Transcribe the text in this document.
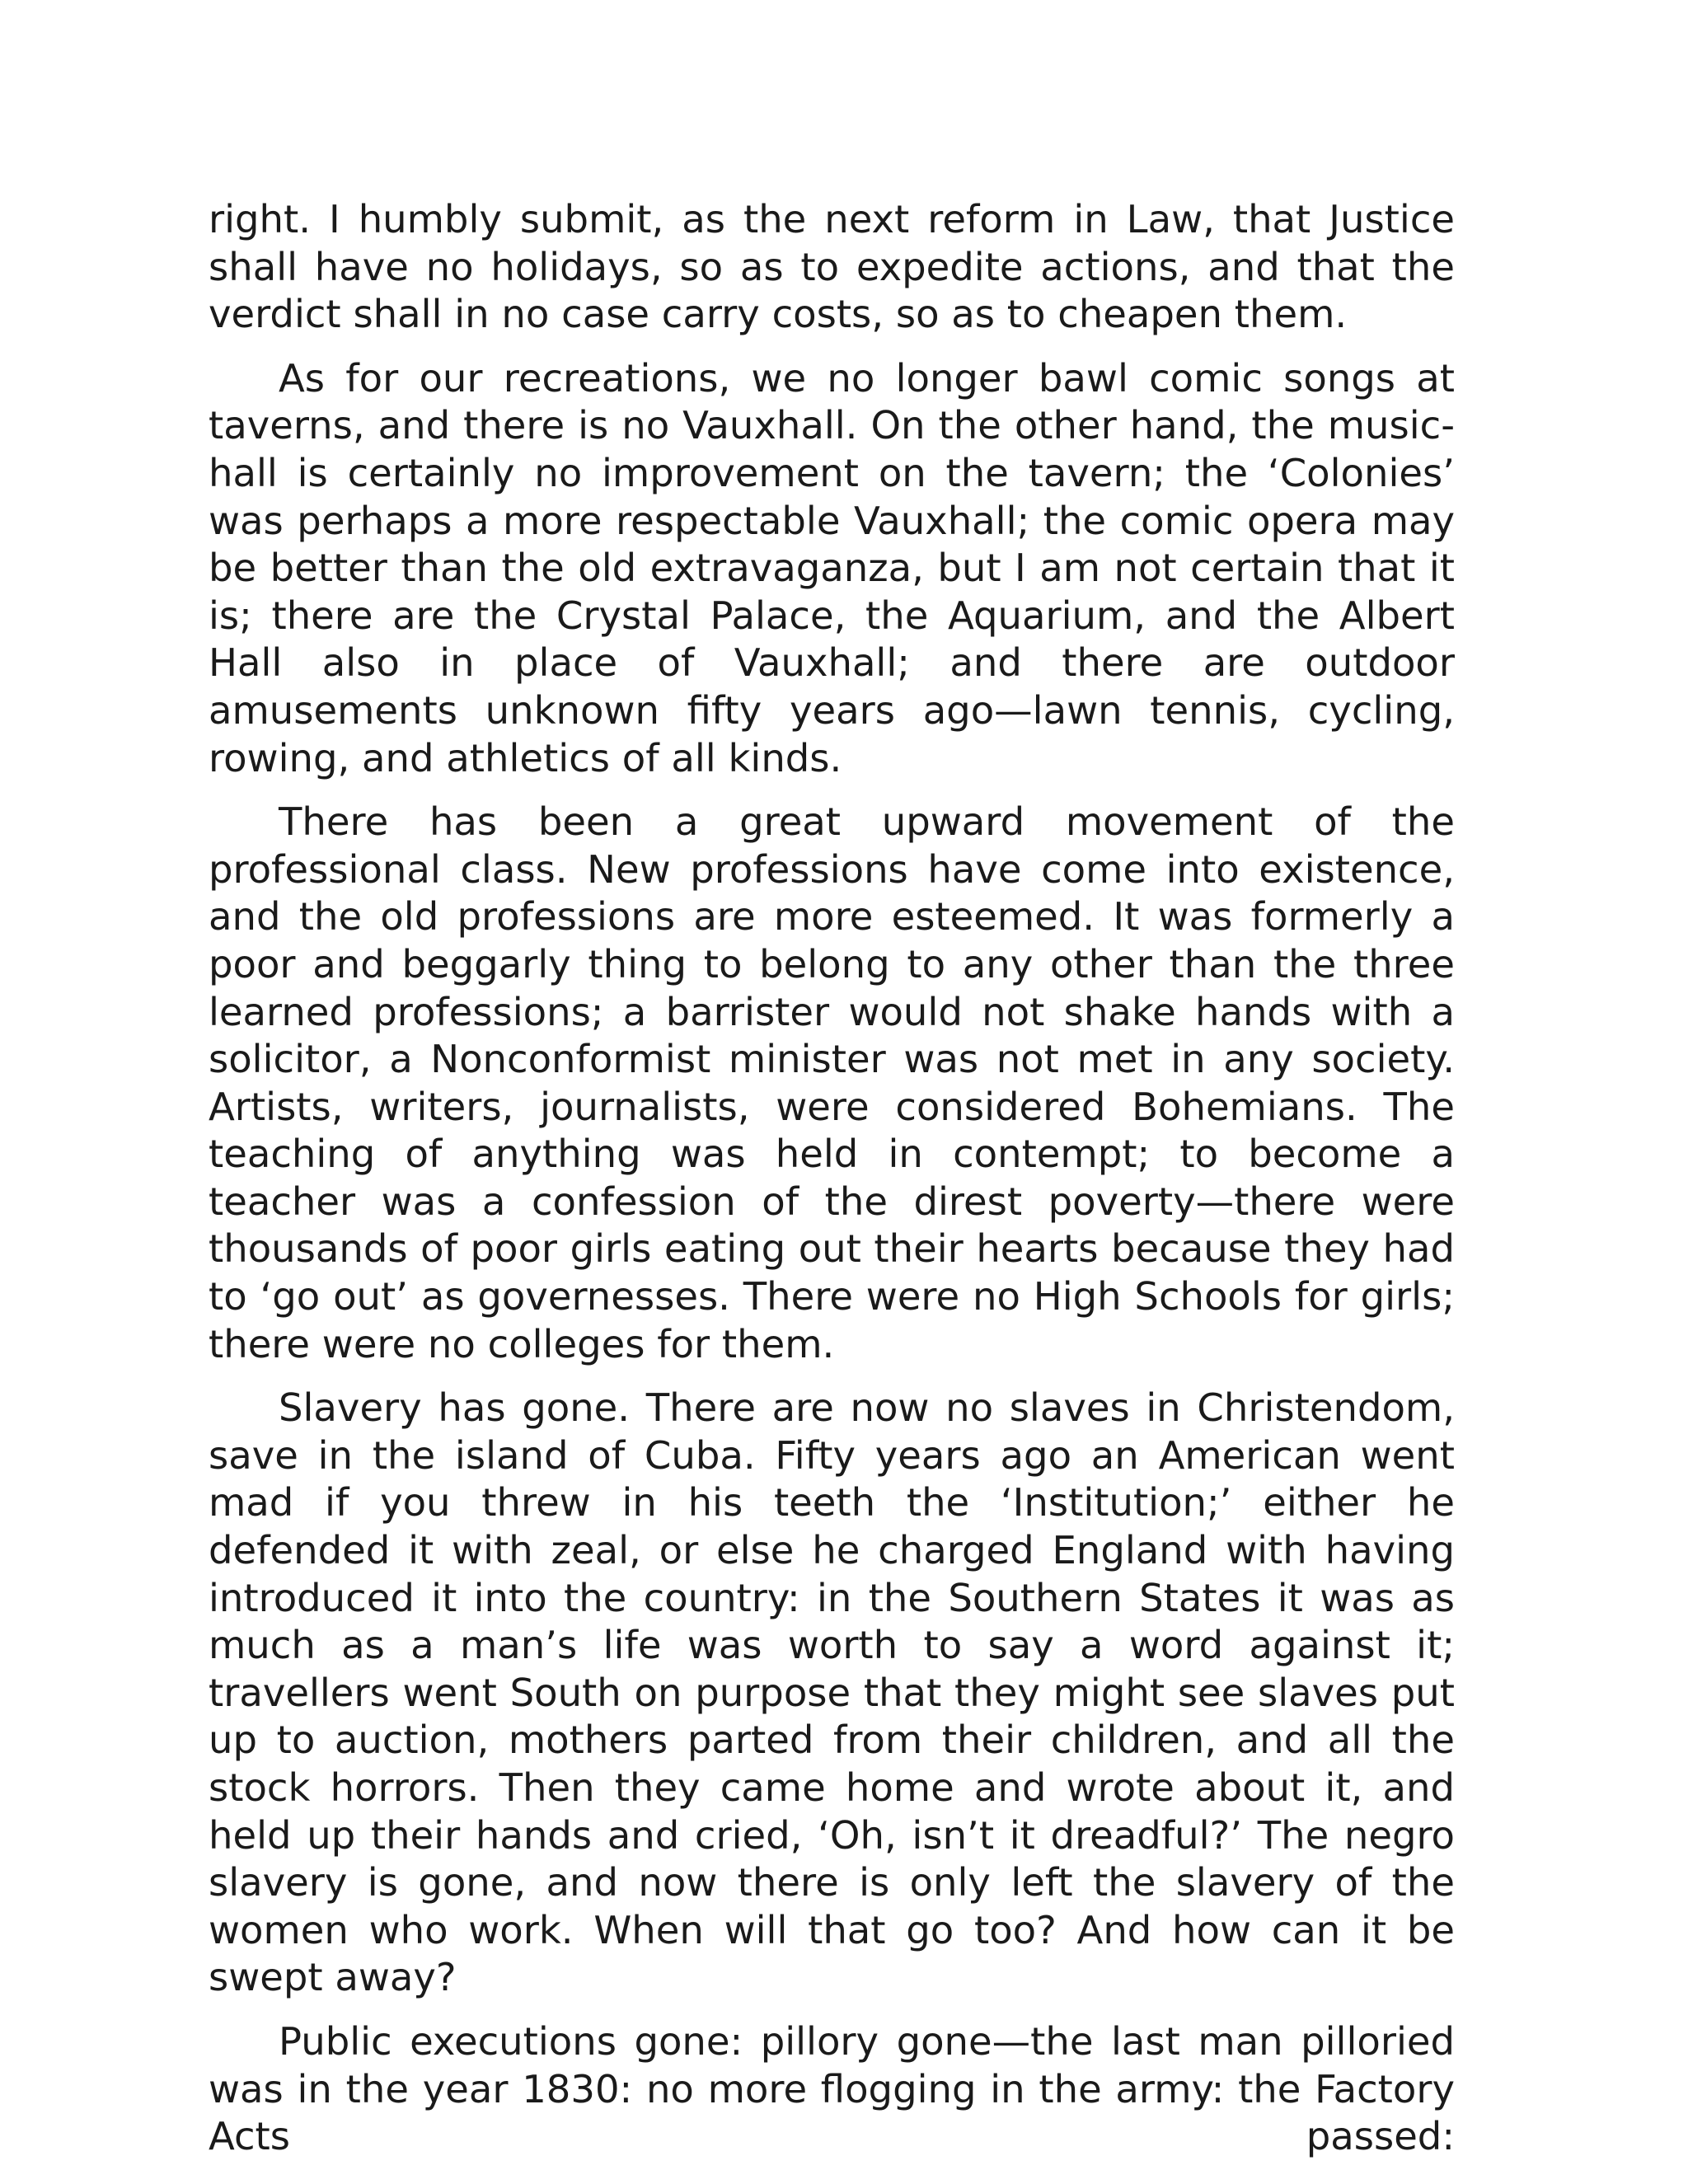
right. I humbly submit, as the next reform in Law, that Justice shall have no holidays, so as to expedite actions, and that the verdict shall in no case carry costs, so as to cheapen them.

As for our recreations, we no longer bawl comic songs at taverns, and there is no Vauxhall. On the other hand, the music-hall is certainly no improvement on the tavern; the ‘Colonies’ was perhaps a more respectable Vauxhall; the comic opera may be better than the old extravaganza, but I am not certain that it is; there are the Crystal Palace, the Aquarium, and the Albert Hall also in place of Vauxhall; and there are outdoor amusements unknown fifty years ago—lawn tennis, cycling, rowing, and athletics of all kinds.

There has been a great upward movement of the professional class. New professions have come into existence, and the old professions are more esteemed. It was formerly a poor and beggarly thing to belong to any other than the three learned professions; a barrister would not shake hands with a solicitor, a Nonconformist minister was not met in any society. Artists, writers, journalists, were considered Bohemians. The teaching of anything was held in contempt; to become a teacher was a confession of the direst poverty—there were thousands of poor girls eating out their hearts because they had to ‘go out’ as governesses. There were no High Schools for girls; there were no colleges for them.

Slavery has gone. There are now no slaves in Christendom, save in the island of Cuba. Fifty years ago an American went mad if you threw in his teeth the ‘Institution;’ either he defended it with zeal, or else he charged England with having introduced it into the country: in the Southern States it was as much as a man’s life was worth to say a word against it; travellers went South on purpose that they might see slaves put up to auction, mothers parted from their children, and all the stock horrors. Then they came home and wrote about it, and held up their hands and cried, ‘Oh, isn’t it dreadful?’ The negro slavery is gone, and now there is only left the slavery of the women who work. When will that go too? And how can it be swept away?

Public executions gone: pillory gone—the last man pilloried was in the year 1830: no more flogging in the army: the Factory Acts passed:
